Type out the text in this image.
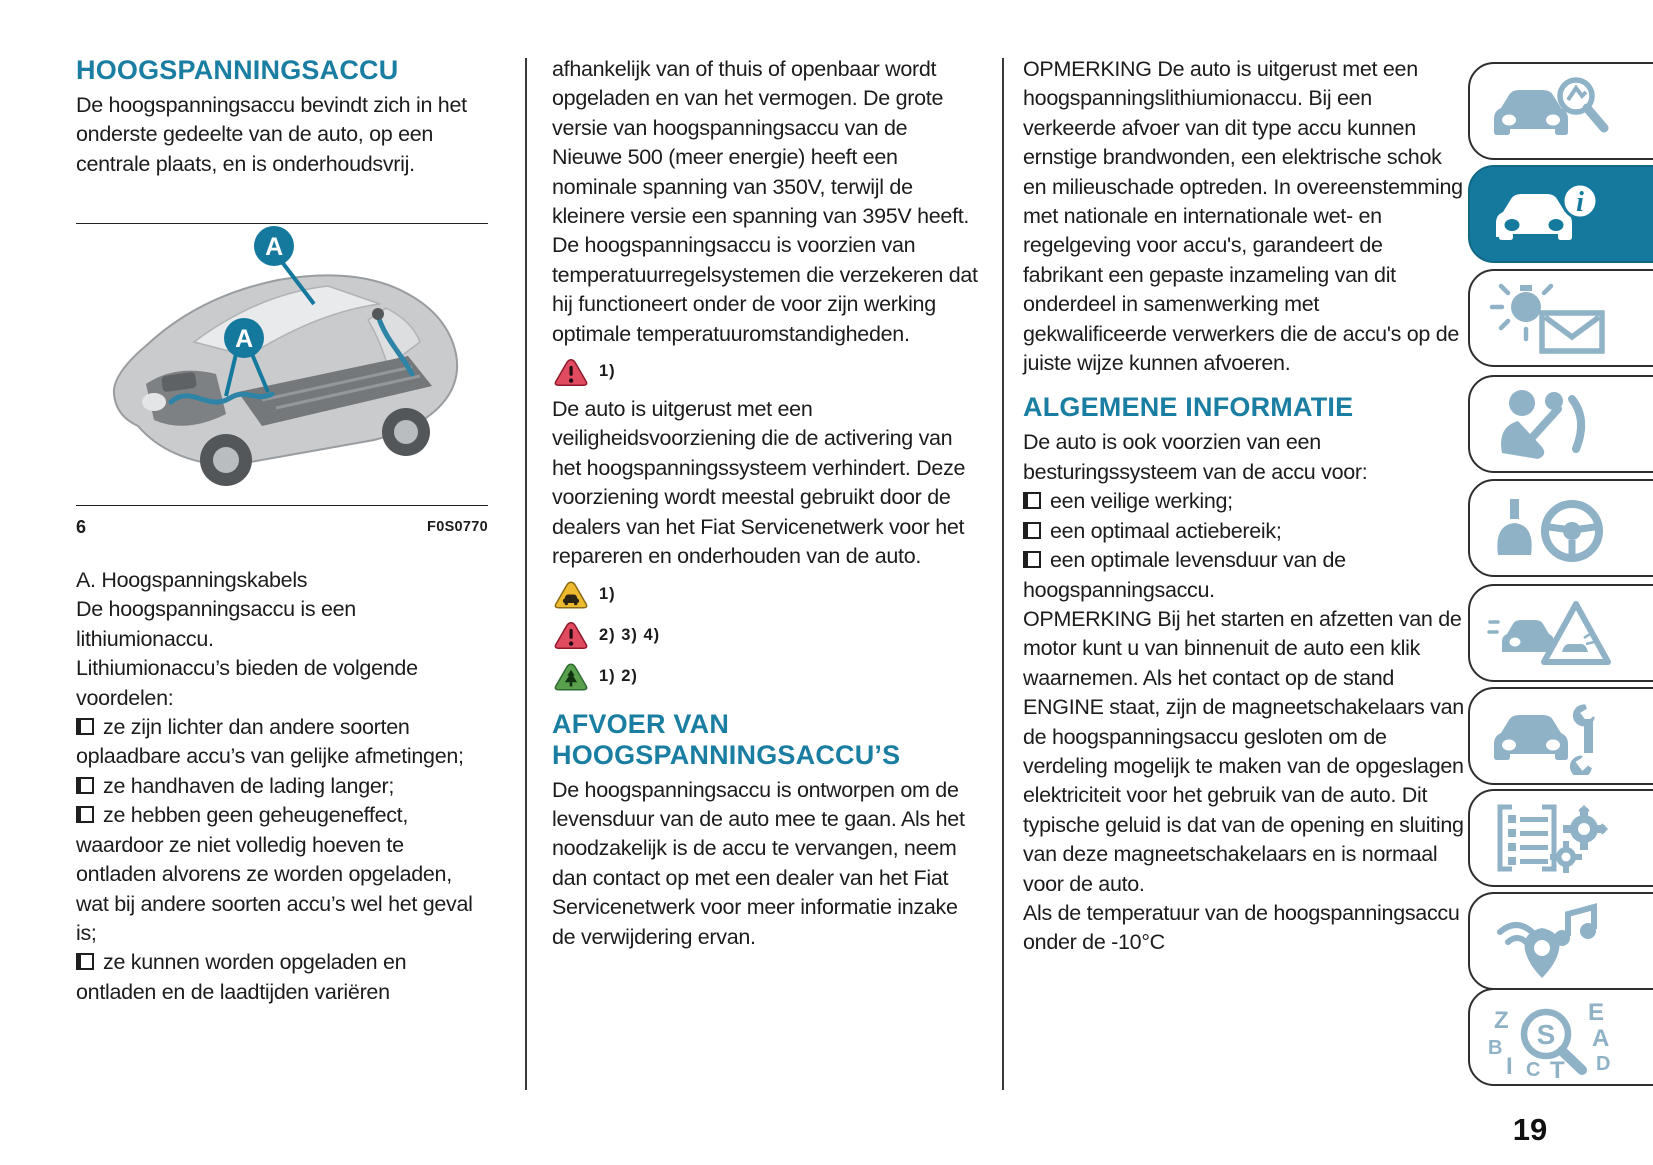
HOOGSPANNINGSACCU

De hoogspanningsaccu bevindt zich in het onderste gedeelte van de auto, op een centrale plaats, en is onderhoudsvrij.

A
A
6	F0S0770

A. Hoogspanningskabels

De hoogspanningsaccu is een lithiumionaccu.

Lithiumionaccu’s bieden de volgende voordelen:

ze zijn lichter dan andere soorten oplaadbare accu’s van gelijke afmetingen;

ze handhaven de lading langer;

ze hebben geen geheugeneffect, waardoor ze niet volledig hoeven te ontladen alvorens ze worden opgeladen, wat bij andere soorten accu’s wel het geval is;

ze kunnen worden opgeladen en ontladen en de laadtijden variëren

afhankelijk van of thuis of openbaar wordt opgeladen en van het vermogen. De grote versie van hoogspanningsaccu van de Nieuwe 500 (meer energie) heeft een nominale spanning van 350V, terwijl de kleinere versie een spanning van 395V heeft. De hoogspanningsaccu is voorzien van temperatuurregelsystemen die verzekeren dat hij functioneert onder de voor zijn werking optimale temperatuuromstandigheden.

1)

De auto is uitgerust met een veiligheidsvoorziening die de activering van het hoogspanningssysteem verhindert. Deze voorziening wordt meestal gebruikt door de dealers van het Fiat Servicenetwerk voor het repareren en onderhouden van de auto.

1)
2) 3) 4)
1) 2)
AFVOER VAN HOOGSPANNINGSACCU’S

De hoogspanningsaccu is ontworpen om de levensduur van de auto mee te gaan. Als het noodzakelijk is de accu te vervangen, neem dan contact op met een dealer van het Fiat Servicenetwerk voor meer informatie inzake de verwijdering ervan.

OPMERKING De auto is uitgerust met een hoogspanningslithiumionaccu. Bij een verkeerde afvoer van dit type accu kunnen ernstige brandwonden, een elektrische schok en milieuschade optreden. In overeenstemming met nationale en internationale wet- en regelgeving voor accu's, garandeert de fabrikant een gepaste inzameling van dit onderdeel in samenwerking met gekwalificeerde verwerkers die de accu's op de juiste wijze kunnen afvoeren.

ALGEMENE INFORMATIE

De auto is ook voorzien van een besturingssysteem van de accu voor:

een veilige werking;

een optimaal actiebereik;

een optimale levensduur van de hoogspanningsaccu.

OPMERKING Bij het starten en afzetten van de motor kunt u van binnenuit de auto een klik waarnemen. Als het contact op de stand ENGINE staat, zijn de magneetschakelaars van de hoogspanningsaccu gesloten om de verdeling mogelijk te maken van de opgeslagen elektriciteit voor het gebruik van de auto. Dit typische geluid is dat van de opening en sluiting van deze magneetschakelaars en is normaal voor de auto.

Als de temperatuur van de hoogspanningsaccu onder de -10°C

i
Z	E
B	A
D
I C T
S
19
